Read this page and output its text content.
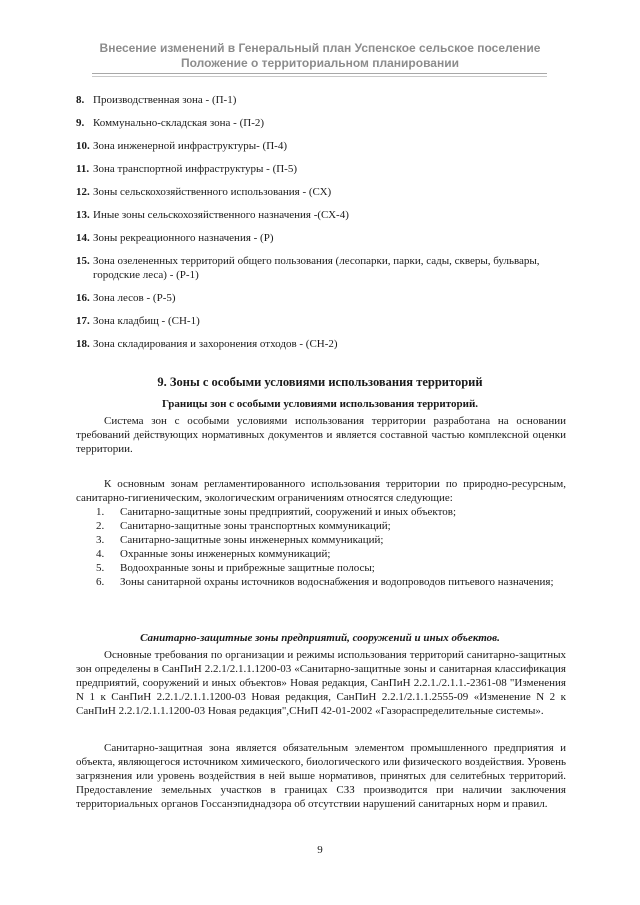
Внесение изменений в Генеральный план Успенское сельское поселение
Положение о территориальном планировании
8. Производственная зона - (П-1)
9. Коммунально-складская зона - (П-2)
10. Зона инженерной инфраструктуры- (П-4)
11. Зона транспортной инфраструктуры - (П-5)
12. Зоны сельскохозяйственного использования - (СХ)
13. Иные зоны сельскохозяйственного назначения -(СХ-4)
14. Зоны рекреационного назначения - (Р)
15. Зона озелененных территорий общего пользования (лесопарки, парки, сады, скверы, бульвары, городские леса) - (Р-1)
16. Зона лесов - (Р-5)
17. Зона кладбищ - (СН-1)
18. Зона складирования и захоронения отходов - (СН-2)
9. Зоны с особыми условиями использования территорий
Границы зон с особыми условиями использования территорий.

Система зон с особыми условиями использования территории разработана на основании требований действующих нормативных документов и является составной частью комплексной оценки территории.

К основным зонам регламентированного использования территории по природно-ресурсным, санитарно-гигиеническим, экологическим ограничениям относятся следующие:

1. Санитарно-защитные зоны предприятий, сооружений и иных объектов;
2. Санитарно-защитные зоны транспортных коммуникаций;
3. Санитарно-защитные зоны инженерных коммуникаций;
4. Охранные зоны инженерных коммуникаций;
5. Водоохранные зоны и прибрежные защитные полосы;
6. Зоны санитарной охраны источников водоснабжения и водопроводов питьевого назначения;
Санитарно-защитные зоны предприятий, сооружений и иных объектов.

Основные требования по организации и режимы использования территорий санитарно-защитных зон определены в СанПиН 2.2.1/2.1.1.1200-03 «Санитарно-защитные зоны и санитарная классификация предприятий, сооружений и иных объектов» Новая редакция, СанПиН 2.2.1./2.1.1.-2361-08 "Изменения N 1 к СанПиН 2.2.1./2.1.1.1200-03 Новая редакция, СанПиН 2.2.1/2.1.1.2555-09 «Изменение N 2 к СанПиН 2.2.1/2.1.1.1200-03 Новая редакция",СНиП 42-01-2002 «Газораспределительные системы».

Санитарно-защитная зона является обязательным элементом промышленного предприятия и объекта, являющегося источником химического, биологического или физического воздействия. Уровень загрязнения или уровень воздействия в ней выше нормативов, принятых для селитебных территорий. Предоставление земельных участков в границах СЗЗ производится при наличии заключения территориальных органов Госсанэпиднадзора об отсутствии нарушений санитарных норм и правил.

9
